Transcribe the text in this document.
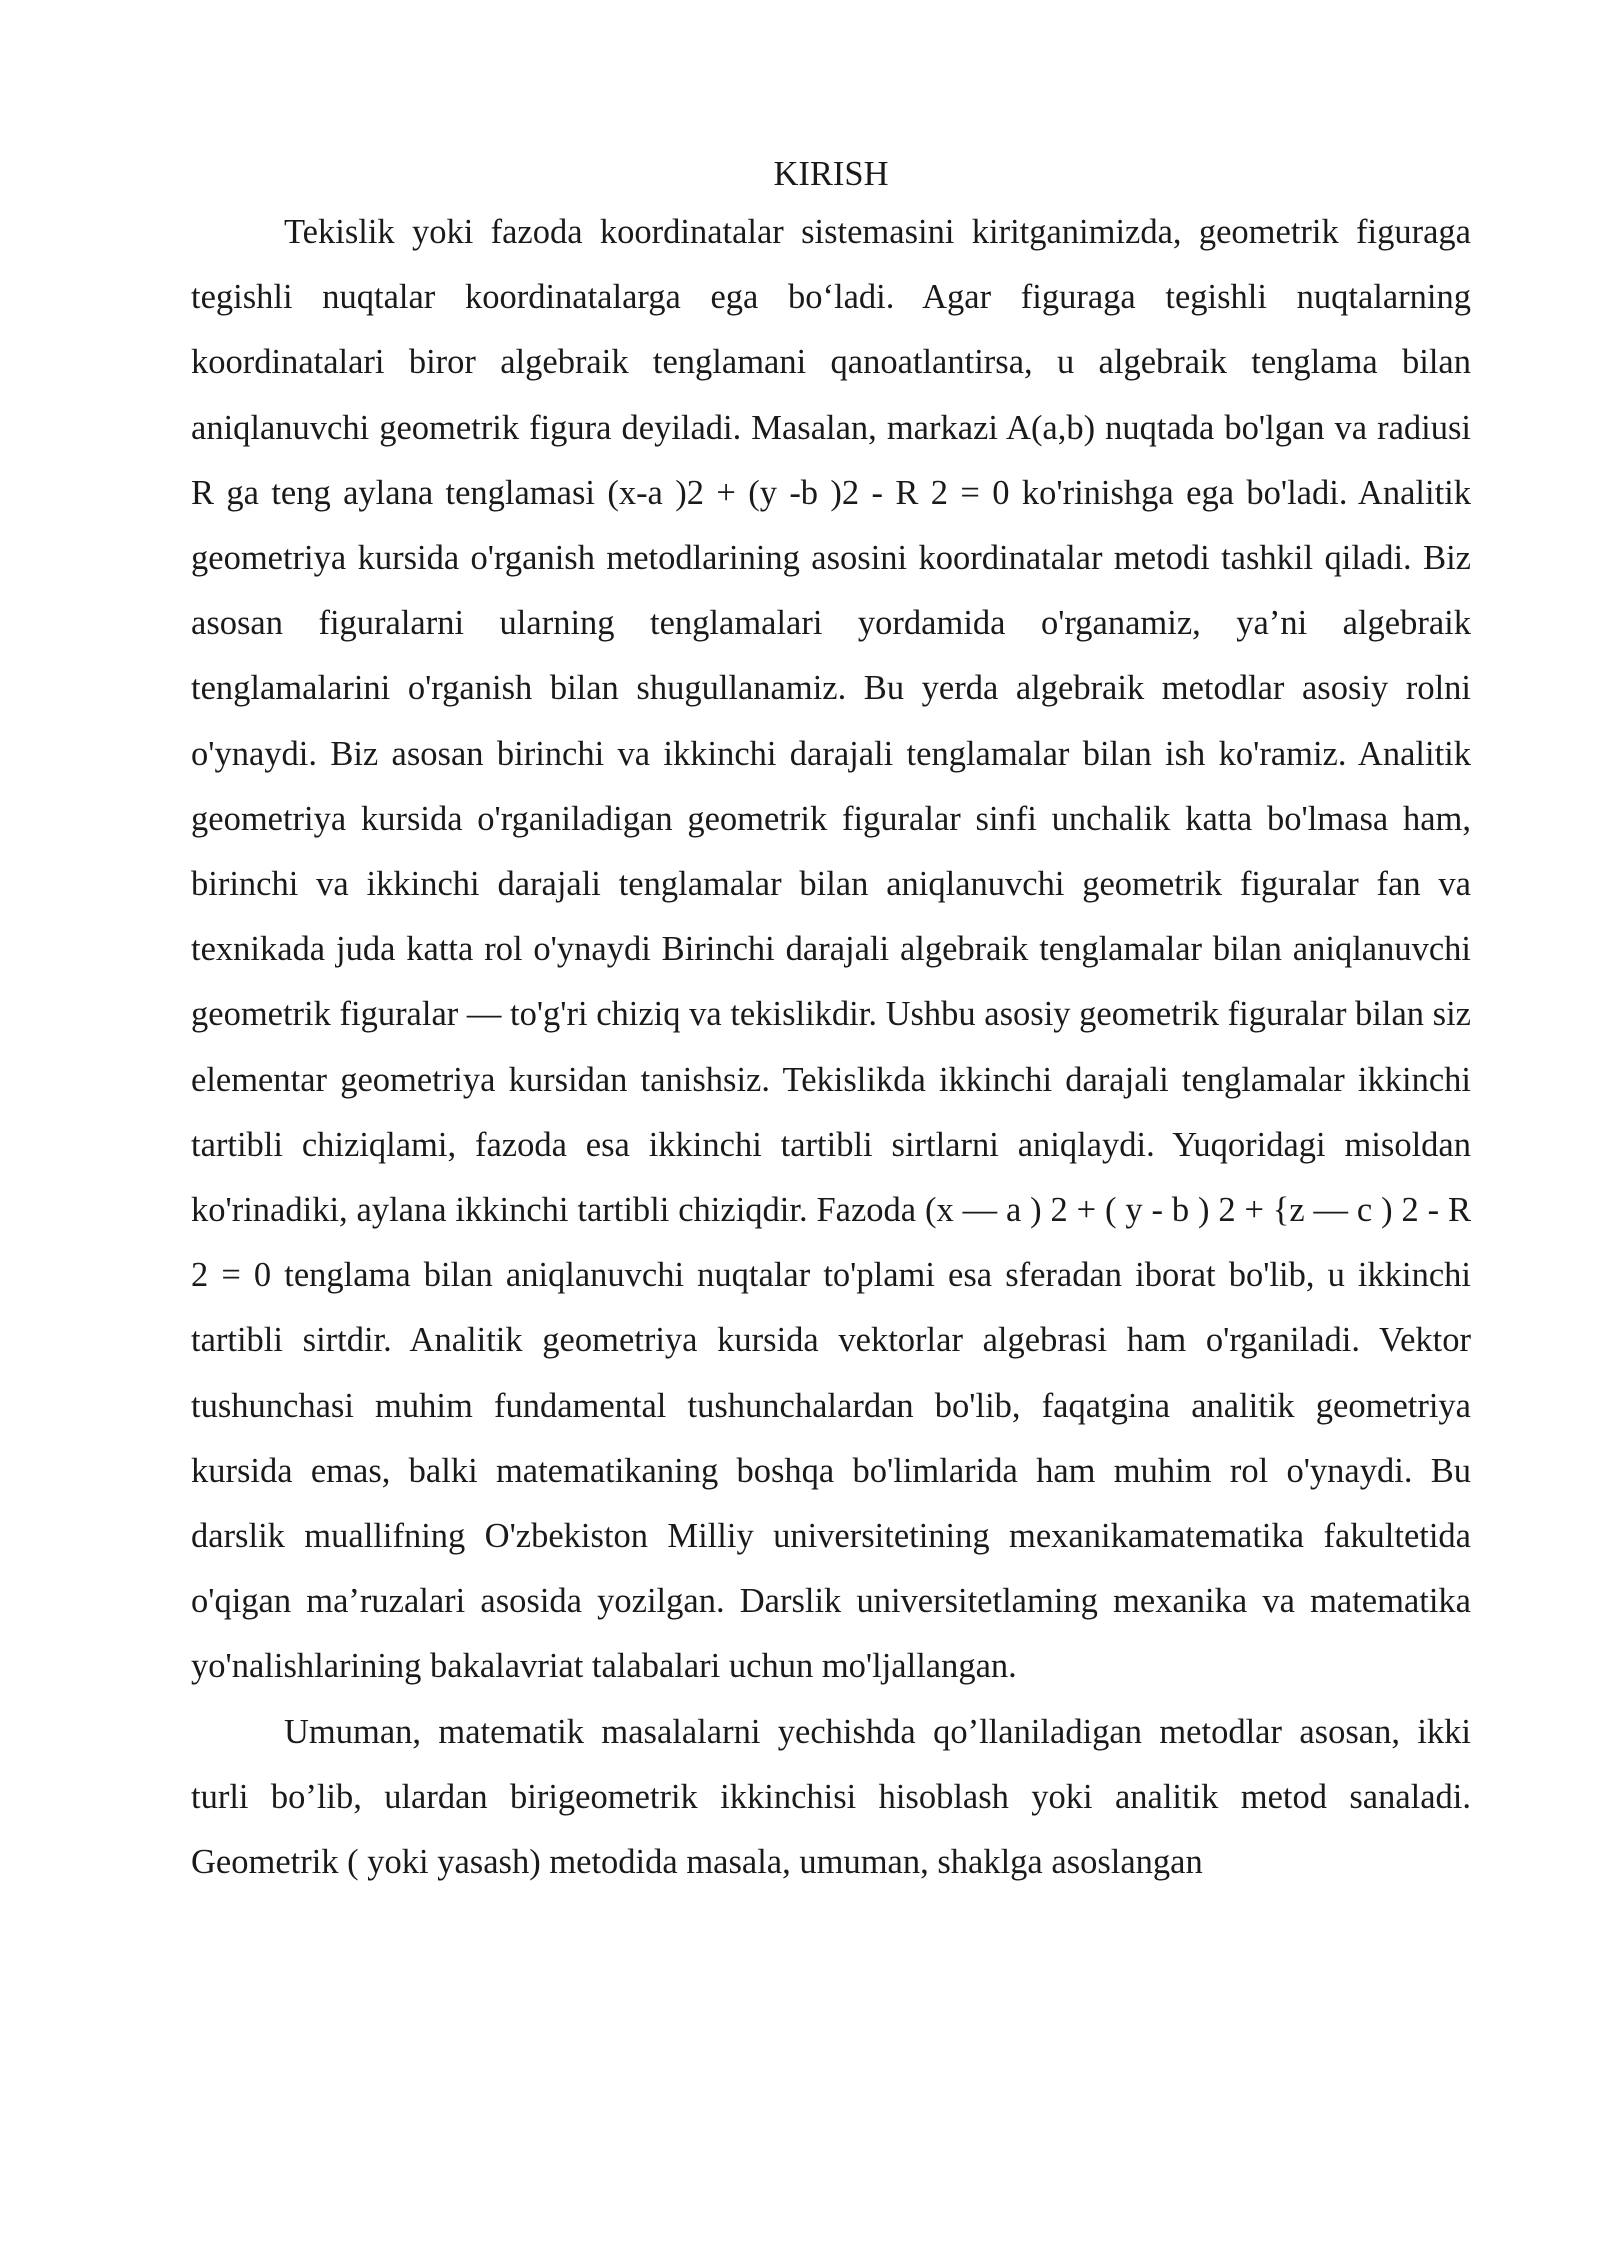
KIRISH

Tekislik yoki fazoda koordinatalar sistemasini kiritganimizda, geometrik figuraga tegishli nuqtalar koordinatalarga ega bo‘ladi. Agar figuraga tegishli nuqtalarning koordinatalari biror algebraik tenglamani qanoatlantirsa, u algebraik tenglama bilan aniqlanuvchi geometrik figura deyiladi. Masalan, markazi A(a,b) nuqtada bo'lgan va radiusi R ga teng aylana tenglamasi (x-a )2 + (y -b )2 - R 2 = 0 ko'rinishga ega bo'ladi. Analitik geometriya kursida o'rganish metodlarining asosini koordinatalar metodi tashkil qiladi. Biz asosan figuralarni ularning tenglamalari yordamida o'rganamiz, ya’ni algebraik tenglamalarini o'rganish bilan shugullanamiz. Bu yerda algebraik metodlar asosiy rolni o'ynaydi. Biz asosan birinchi va ikkinchi darajali tenglamalar bilan ish ko'ramiz. Analitik geometriya kursida o'rganiladigan geometrik figuralar sinfi unchalik katta bo'lmasa ham, birinchi va ikkinchi darajali tenglamalar bilan aniqlanuvchi geometrik figuralar fan va texnikada juda katta rol o'ynaydi Birinchi darajali algebraik tenglamalar bilan aniqlanuvchi geometrik figuralar — to'g'ri chiziq va tekislikdir. Ushbu asosiy geometrik figuralar bilan siz elementar geometriya kursidan tanishsiz. Tekislikda ikkinchi darajali tenglamalar ikkinchi tartibli chiziqlami, fazoda esa ikkinchi tartibli sirtlarni aniqlaydi. Yuqoridagi misoldan ko'rinadiki, aylana ikkinchi tartibli chiziqdir. Fazoda (x — a ) 2 + ( y - b ) 2 + {z — c ) 2 - R 2 = 0 tenglama bilan aniqlanuvchi nuqtalar to'plami esa sferadan iborat bo'lib, u ikkinchi tartibli sirtdir. Analitik geometriya kursida vektorlar algebrasi ham o'rganiladi. Vektor tushunchasi muhim fundamental tushunchalardan bo'lib, faqatgina analitik geometriya kursida emas, balki matematikaning boshqa bo'limlarida ham muhim rol o'ynaydi. Bu darslik muallifning O'zbekiston Milliy universitetining mexanikamatematika fakultetida o'qigan ma’ruzalari asosida yozilgan. Darslik universitetlaming mexanika va matematika yo'nalishlarining bakalavriat talabalari uchun mo'ljallangan.

Umuman, matematik masalalarni yechishda qo’llaniladigan metodlar asosan, ikki turli bo’lib, ulardan birigeometrik ikkinchisi hisoblash yoki analitik metod sanaladi. Geometrik ( yoki yasash) metodida masala, umuman, shaklga asoslangan
